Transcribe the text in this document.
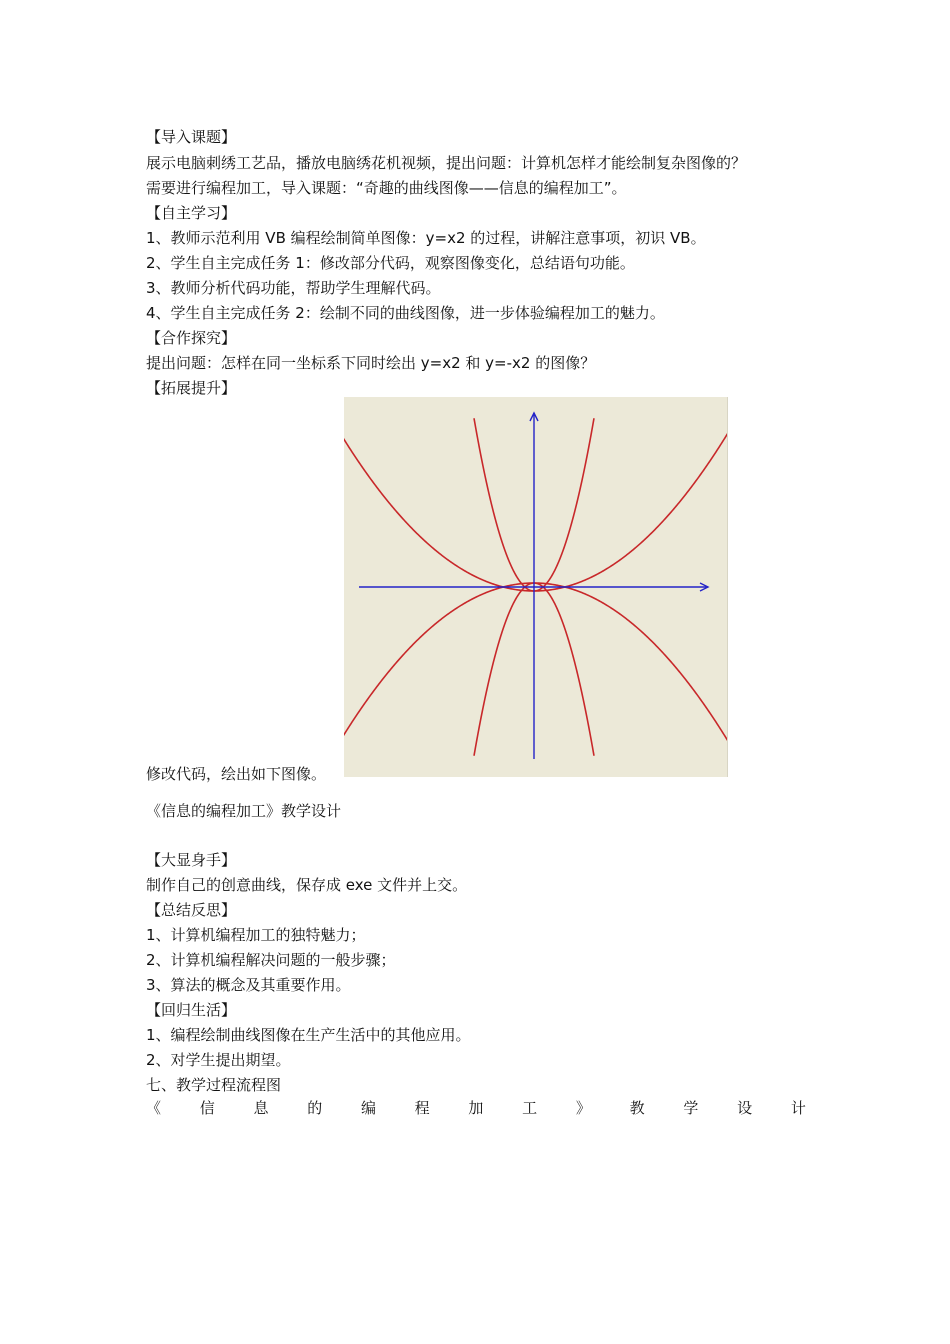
【导入课题】
展示电脑刺绣工艺品，播放电脑绣花机视频，提出问题：计算机怎样才能绘制复杂图像的？
需要进行编程加工，导入课题：“奇趣的曲线图像——信息的编程加工”。
【自主学习】
1、教师示范利用 VB 编程绘制简单图像：y=x2 的过程，讲解注意事项，初识 VB。
2、学生自主完成任务 1：修改部分代码，观察图像变化，总结语句功能。
3、教师分析代码功能，帮助学生理解代码。
4、学生自主完成任务 2：绘制不同的曲线图像，进一步体验编程加工的魅力。
【合作探究】
提出问题：怎样在同一坐标系下同时绘出 y=x2 和 y=-x2 的图像？
【拓展提升】
修改代码，绘出如下图像。
《信息的编程加工》教学设计
【大显身手】
制作自己的创意曲线，保存成 exe 文件并上交。
【总结反思】
1、计算机编程加工的独特魅力；
2、计算机编程解决问题的一般步骤；
3、算法的概念及其重要作用。
【回归生活】
1、编程绘制曲线图像在生产生活中的其他应用。
2、对学生提出期望。
七、教学过程流程图
《	信	息	的	编	程	加	工	》	教	学	设	计
